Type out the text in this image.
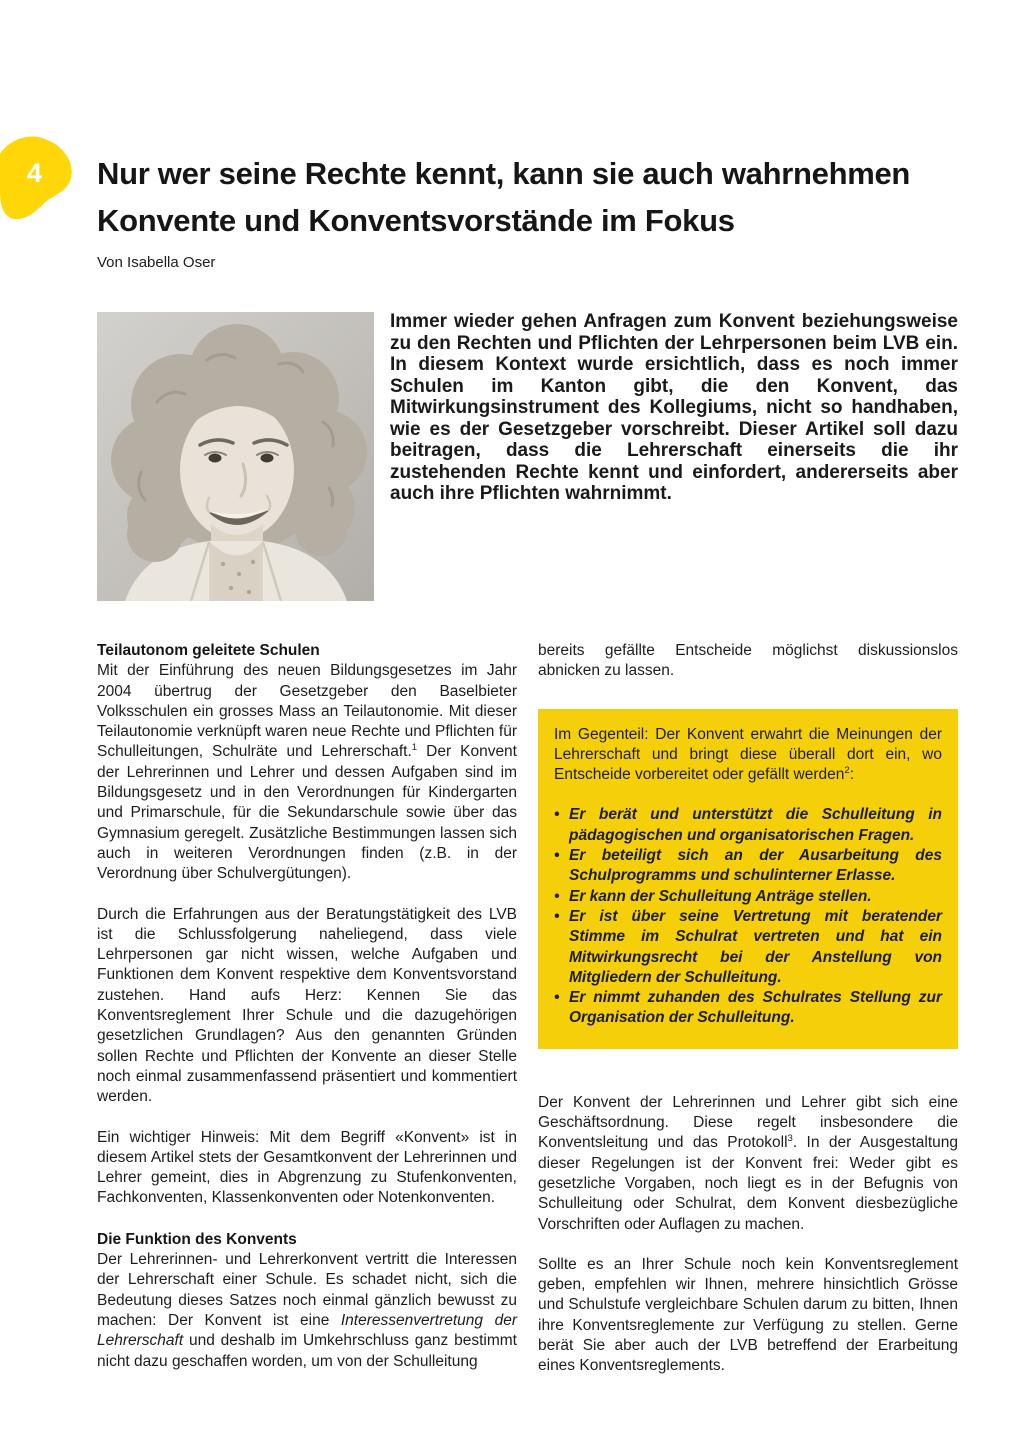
4 Nur wer seine Rechte kennt, kann sie auch wahrnehmen
Konvente und Konventsvorstände im Fokus
Von Isabella Oser

Immer wieder gehen Anfragen zum Konvent beziehungsweise zu den Rechten und Pflichten der Lehrpersonen beim LVB ein. In diesem Kontext wurde ersichtlich, dass es noch immer Schulen im Kanton gibt, die den Konvent, das Mitwirkungsinstrument des Kollegiums, nicht so handhaben, wie es der Gesetzgeber vorschreibt. Dieser Artikel soll dazu beitragen, dass die Lehrerschaft einerseits die ihr zustehenden Rechte kennt und einfordert, andererseits aber auch ihre Pflichten wahrnimmt.

Teilautonom geleitete Schulen

Mit der Einführung des neuen Bildungsgesetzes im Jahr 2004 übertrug der Gesetzgeber den Baselbieter Volksschulen ein grosses Mass an Teilautonomie. Mit dieser Teilautonomie verknüpft waren neue Rechte und Pflichten für Schulleitungen, Schulräte und Lehrerschaft.$^1$ Der Konvent der Lehrerinnen und Lehrer und dessen Aufgaben sind im Bildungsgesetz und in den Verordnungen für Kindergarten und Primarschule, für die Sekundarschule sowie über das Gymnasium geregelt. Zusätzliche Bestimmungen lassen sich auch in weiteren Verordnungen finden (z.B. in der Verordnung über Schulvergütungen).

Durch die Erfahrungen aus der Beratungstätigkeit des LVB ist die Schlussfolgerung naheliegend, dass viele Lehrpersonen gar nicht wissen, welche Aufgaben und Funktionen dem Konvent respektive dem Konventsvorstand zustehen. Hand aufs Herz: Kennen Sie das Konventsreglement Ihrer Schule und die dazugehörigen gesetzlichen Grundlagen? Aus den genannten Gründen sollen Rechte und Pflichten der Konvente an dieser Stelle noch einmal zusammenfassend präsentiert und kommentiert werden.

Ein wichtiger Hinweis: Mit dem Begriff «Konvent» ist in diesem Artikel stets der Gesamtkonvent der Lehrerinnen und Lehrer gemeint, dies in Abgrenzung zu Stufenkonventen, Fachkonventen, Klassenkonventen oder Notenkonventen.

Die Funktion des Konvents

Der Lehrerinnen- und Lehrerkonvent vertritt die Interessen der Lehrerschaft einer Schule. Es schadet nicht, sich die Bedeutung dieses Satzes noch einmal gänzlich bewusst zu machen: Der Konvent ist eine Interessenvertretung der Lehrerschaft und deshalb im Umkehrschluss ganz bestimmt nicht dazu geschaffen worden, um von der Schulleitung

bereits gefällte Entscheide möglichst diskussionslos abnicken zu lassen.

Im Gegenteil: Der Konvent erwahrt die Meinungen der Lehrerschaft und bringt diese überall dort ein, wo Entscheide vorbereitet oder gefällt werden$^2$:

• Er berät und unterstützt die Schulleitung in pädagogischen und organisatorischen Fragen.
• Er beteiligt sich an der Ausarbeitung des Schulprogramms und schulinterner Erlasse.
• Er kann der Schulleitung Anträge stellen.
• Er ist über seine Vertretung mit beratender Stimme im Schulrat vertreten und hat ein Mitwirkungsrecht bei der Anstellung von Mitgliedern der Schulleitung.
• Er nimmt zuhanden des Schulrates Stellung zur Organisation der Schulleitung.

Der Konvent der Lehrerinnen und Lehrer gibt sich eine Geschäftsordnung. Diese regelt insbesondere die Konventsleitung und das Protokoll$^3$. In der Ausgestaltung dieser Regelungen ist der Konvent frei: Weder gibt es gesetzliche Vorgaben, noch liegt es in der Befugnis von Schulleitung oder Schulrat, dem Konvent diesbezügliche Vorschriften oder Auflagen zu machen.

Sollte es an Ihrer Schule noch kein Konventsreglement geben, empfehlen wir Ihnen, mehrere hinsichtlich Grösse und Schulstufe vergleichbare Schulen darum zu bitten, Ihnen ihre Konventsreglemente zur Verfügung zu stellen. Gerne berät Sie aber auch der LVB betreffend der Erarbeitung eines Konventsreglements.
